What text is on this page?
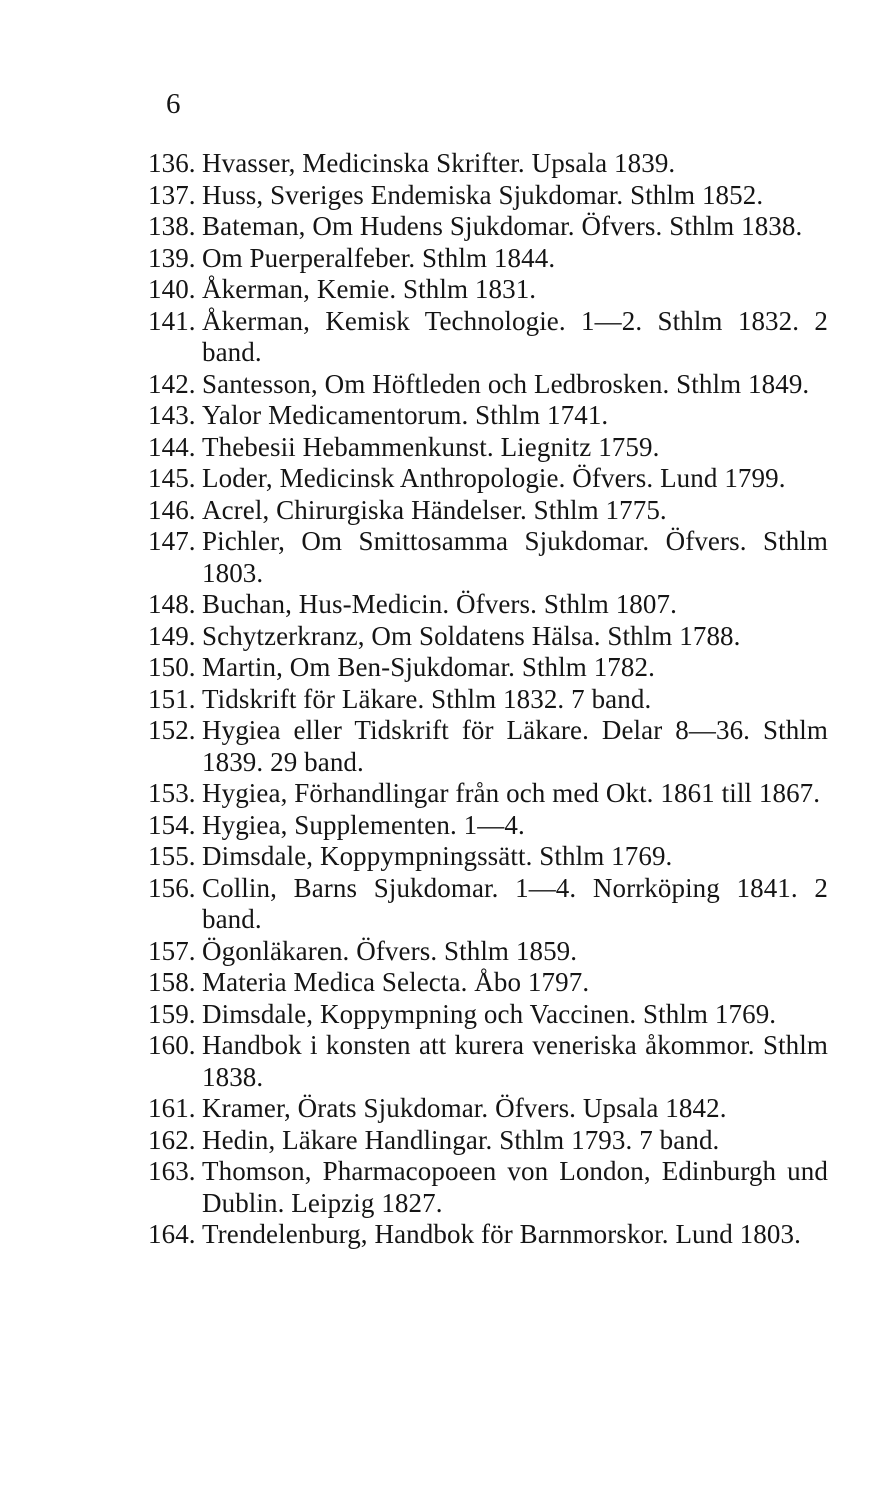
6
136. Hvasser, Medicinska Skrifter. Upsala 1839.
137. Huss, Sveriges Endemiska Sjukdomar. Sthlm 1852.
138. Bateman, Om Hudens Sjukdomar. Öfvers. Sthlm 1838.
139. Om Puerperalfeber. Sthlm 1844.
140. Åkerman, Kemie. Sthlm 1831.
141. Åkerman, Kemisk Technologie. 1—2. Sthlm 1832. 2 band.
142. Santesson, Om Höftleden och Ledbrosken. Sthlm 1849.
143. Yalor Medicamentorum. Sthlm 1741.
144. Thebesii Hebammenkunst. Liegnitz 1759.
145. Loder, Medicinsk Anthropologie. Öfvers. Lund 1799.
146. Acrel, Chirurgiska Händelser. Sthlm 1775.
147. Pichler, Om Smittosamma Sjukdomar. Öfvers. Sthlm 1803.
148. Buchan, Hus-Medicin. Öfvers. Sthlm 1807.
149. Schytzerkranz, Om Soldatens Hälsa. Sthlm 1788.
150. Martin, Om Ben-Sjukdomar. Sthlm 1782.
151. Tidskrift för Läkare. Sthlm 1832. 7 band.
152. Hygiea eller Tidskrift för Läkare. Delar 8—36. Sthlm 1839. 29 band.
153. Hygiea, Förhandlingar från och med Okt. 1861 till 1867.
154. Hygiea, Supplementen. 1—4.
155. Dimsdale, Koppympningssätt. Sthlm 1769.
156. Collin, Barns Sjukdomar. 1—4. Norrköping 1841. 2 band.
157. Ögonläkaren. Öfvers. Sthlm 1859.
158. Materia Medica Selecta. Åbo 1797.
159. Dimsdale, Koppympning och Vaccinen. Sthlm 1769.
160. Handbok i konsten att kurera veneriska åkommor. Sthlm 1838.
161. Kramer, Örats Sjukdomar. Öfvers. Upsala 1842.
162. Hedin, Läkare Handlingar. Sthlm 1793. 7 band.
163. Thomson, Pharmacopoeen von London, Edinburgh und Dublin. Leipzig 1827.
164. Trendelenburg, Handbok för Barnmorskor. Lund 1803.
